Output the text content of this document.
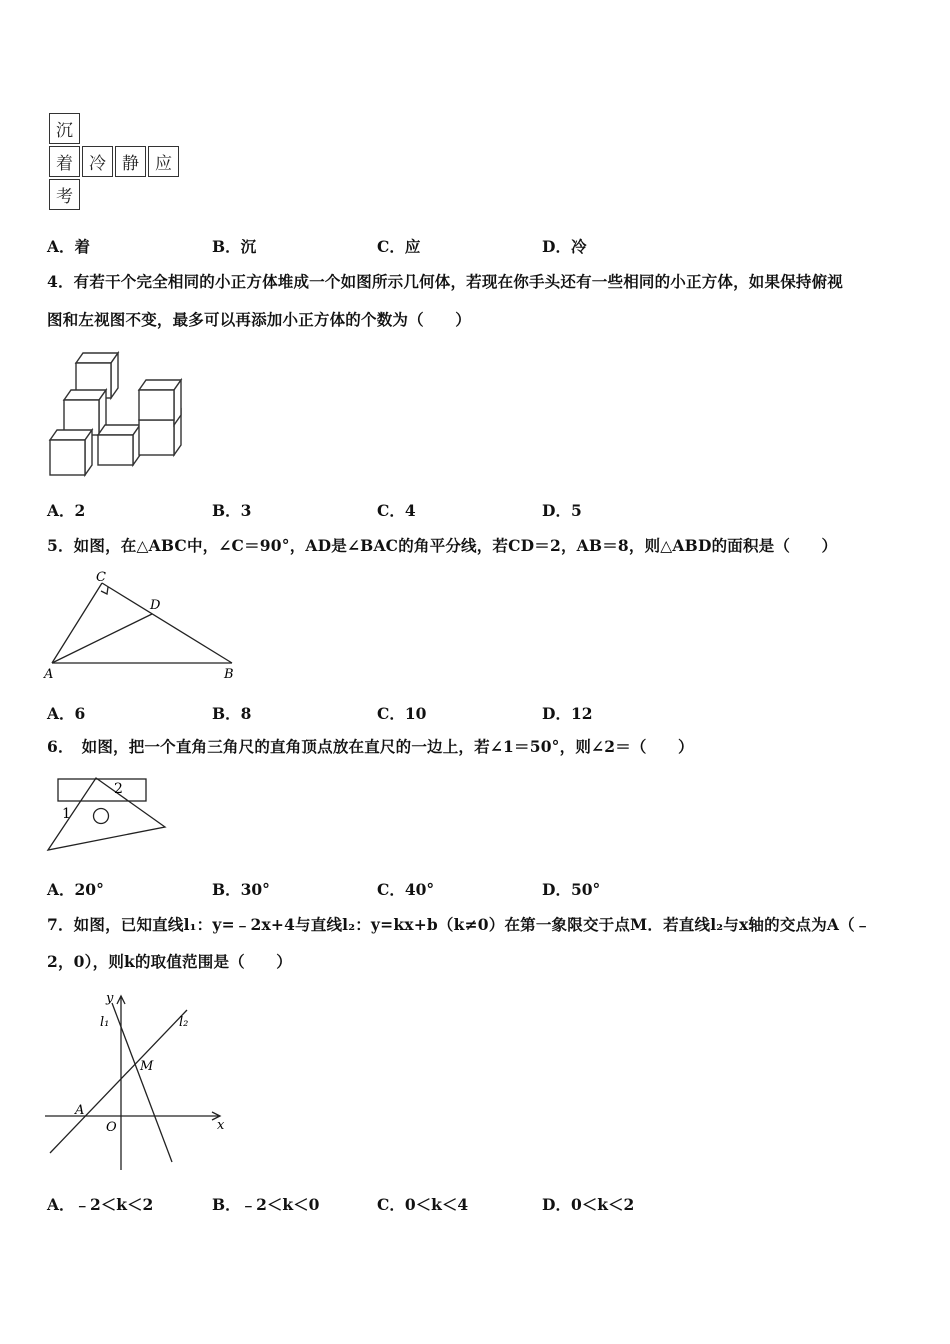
沉
着 冷 静 应
考
A．着	B．沉	C．应	D．冷
4．有若干个完全相同的小正方体堆成一个如图所示几何体，若现在你手头还有一些相同的小正方体，如果保持俯视
图和左视图不变，最多可以再添加小正方体的个数为（　　）
A．2	B．3	C．4	D．5
5．如图，在△ABC中，∠C＝90°，AD是∠BAC的角平分线，若CD＝2，AB＝8，则△ABD的面积是（　　）
C
D
A	B
A．6	B．8	C．10	D．12
6．　如图，把一个直角三角尺的直角顶点放在直尺的一边上，若∠1＝50°，则∠2＝（　　）
1
2
A．20°	B．30°	C．40°	D．50°
7．如图，已知直线l₁：y=﹣2x+4与直线l₂：y=kx+b（k≠0）在第一象限交于点M．若直线l₂与x轴的交点为A（﹣
2，0），则k的取值范围是（　　）
y
x
O
A
M
l₁	l₂
A．﹣2＜k＜2	B．﹣2＜k＜0	C．0＜k＜4	D．0＜k＜2
